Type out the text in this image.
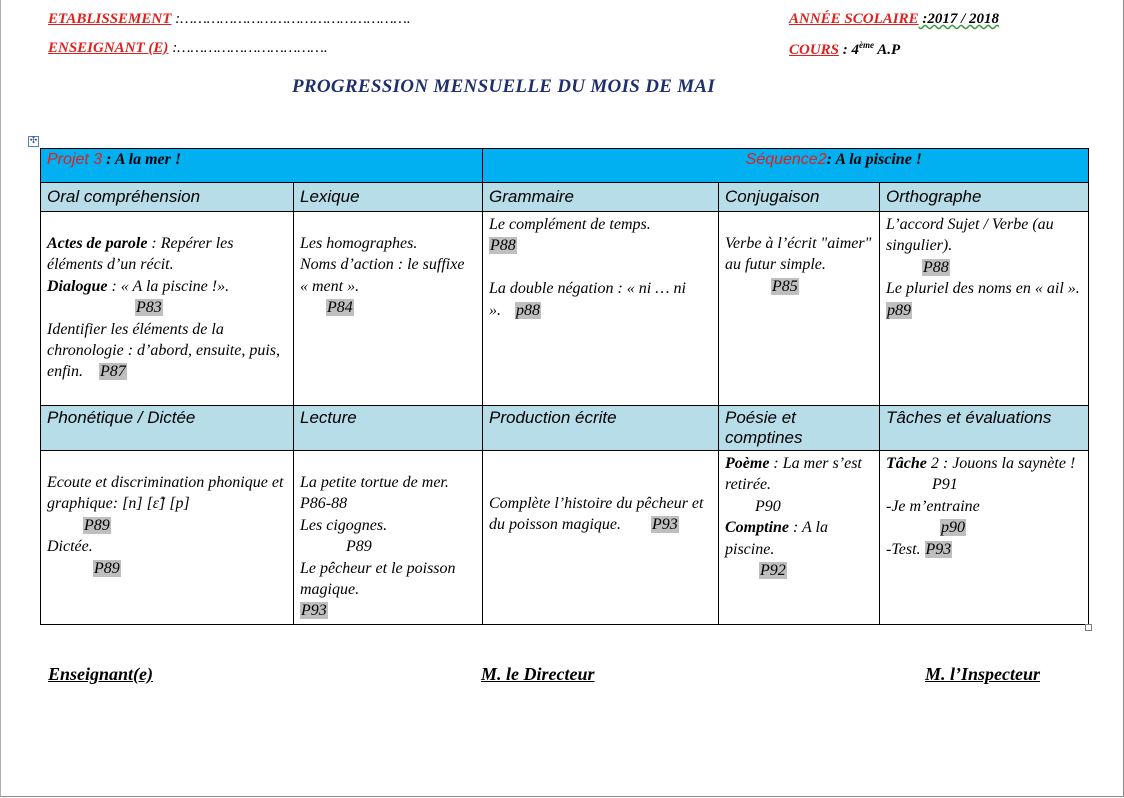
ETABLISSEMENT :…………………………………………….
ENSEIGNANT (E) :…………………………….
ANNÉE SCOLAIRE :2017 / 2018
COURS : 4ème A.P
PROGRESSION MENSUELLE DU MOIS DE MAI
✣
Projet 3 : A la mer !		Séquence2: A la piscine !		
Oral compréhension	Lexique	Grammaire	Conjugaison	Orthographe
Actes de parole : Repérer les éléments d’un récit.
Dialogue : « A la piscine !».
P83
Identifier les éléments de la chronologie : d’abord, ensuite, puis, enfin. P87	Les homographes.
Noms d’action : le suffixe « ment ».
P84	Le complément de temps.
P88

La double négation : « ni … ni ». p88	Verbe à l’écrit "aimer" au futur simple.
P85	L’accord Sujet / Verbe (au singulier).
P88
Le pluriel des noms en « ail ». p89
Phonétique / Dictée	Lecture	Production écrite	Poésie et comptines	Tâches et évaluations
Ecoute et discrimination phonique et graphique: [n] [ɛ̃] [p]
P89
Dictée.
P89	La petite tortue de mer. P86-88
Les cigognes.
P89
Le pêcheur et le poisson magique.
P93	Complète l’histoire du pêcheur et du poisson magique. P93	Poème : La mer s’est retirée.
P90
Comptine : A la piscine.
P92	Tâche 2 : Jouons la saynète !
P91
-Je m’entraine
p90
-Test. P93
Enseignant(e)	M. le Directeur	M. l’Inspecteur
